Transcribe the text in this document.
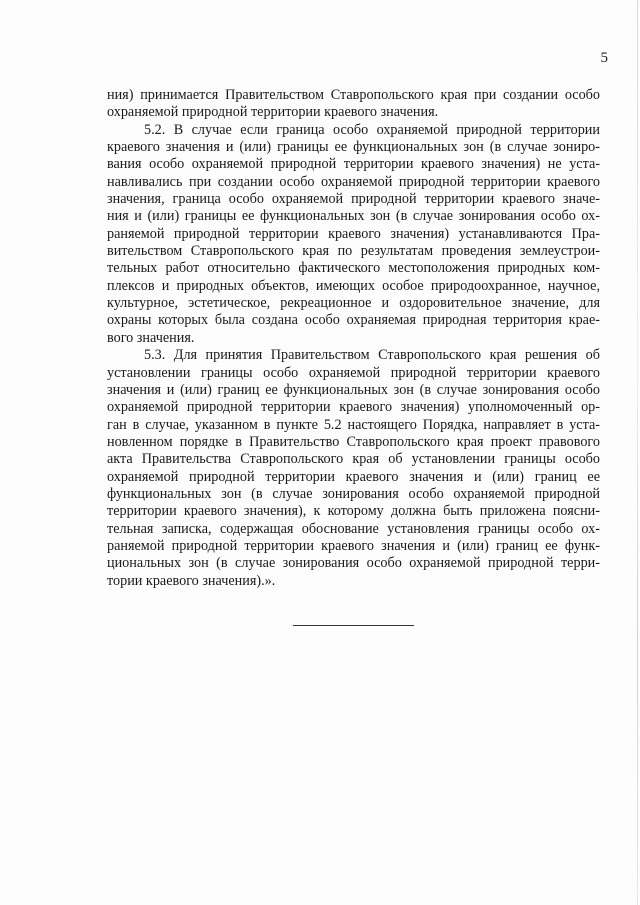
5
ния) принимается Правительством Ставропольского края при создании особо
охраняемой природной территории краевого значения.
5.2. В случае если граница особо охраняемой природной территории
краевого значения и (или) границы ее функциональных зон (в случае зониро-
вания особо охраняемой природной территории краевого значения) не уста-
навливались при создании особо охраняемой природной территории краевого
значения, граница особо охраняемой природной территории краевого значе-
ния и (или) границы ее функциональных зон (в случае зонирования особо ох-
раняемой природной территории краевого значения) устанавливаются Пра-
вительством Ставропольского края по результатам проведения землеустрои-
тельных работ относительно фактического местоположения природных ком-
плексов и природных объектов, имеющих особое природоохранное, научное,
культурное, эстетическое, рекреационное и оздоровительное значение, для
охраны которых была создана особо охраняемая природная территория крае-
вого значения.
5.3. Для принятия Правительством Ставропольского края решения об
установлении границы особо охраняемой природной территории краевого
значения и (или) границ ее функциональных зон (в случае зонирования особо
охраняемой природной территории краевого значения) уполномоченный ор-
ган в случае, указанном в пункте 5.2 настоящего Порядка, направляет в уста-
новленном порядке в Правительство Ставропольского края проект правового
акта Правительства Ставропольского края об установлении границы особо
охраняемой природной территории краевого значения и (или) границ ее
функциональных зон (в случае зонирования особо охраняемой природной
территории краевого значения), к которому должна быть приложена поясни-
тельная записка, содержащая обоснование установления границы особо ох-
раняемой природной территории краевого значения и (или) границ ее функ-
циональных зон (в случае зонирования особо охраняемой природной терри-
тории краевого значения).».
